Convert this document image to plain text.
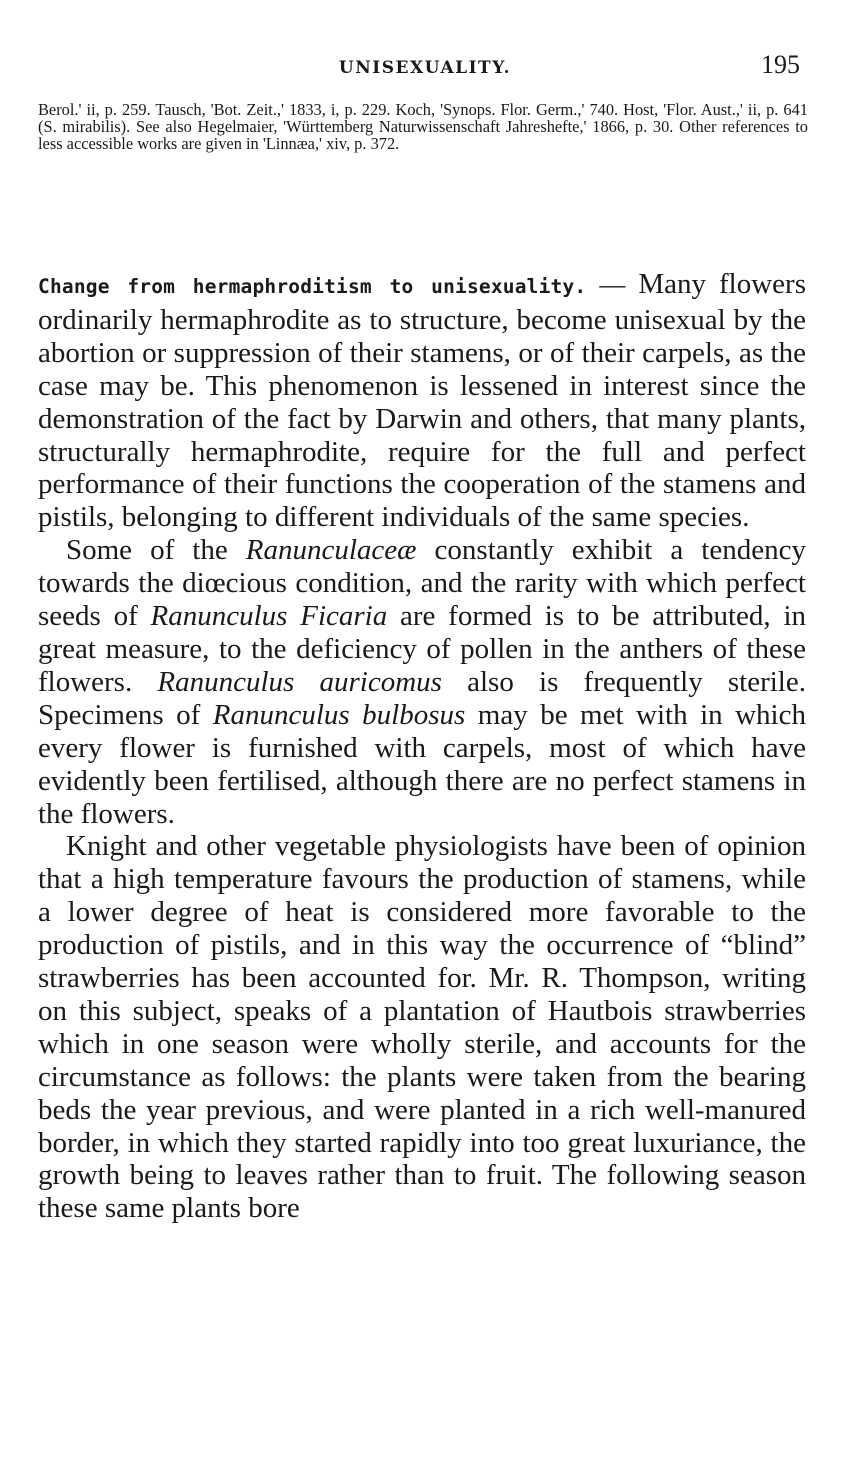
UNISEXUALITY.	195
Berol.' ii, p. 259. Tausch, 'Bot. Zeit.,' 1833, i, p. 229. Koch, 'Synops. Flor. Germ.,' 740. Host, 'Flor. Aust.,' ii, p. 641 (S. mirabilis). See also Hegelmaier, 'Württemberg Naturwissenschaft Jahreshefte,' 1866, p. 30. Other references to less accessible works are given in 'Linnæa,' xiv, p. 372.

Change from hermaphroditism to unisexuality. — Many flowers ordinarily hermaphrodite as to structure, become unisexual by the abortion or suppression of their stamens, or of their carpels, as the case may be. This phenomenon is lessened in interest since the demonstration of the fact by Darwin and others, that many plants, structurally hermaphrodite, require for the full and perfect performance of their functions the cooperation of the stamens and pistils, belonging to different individuals of the same species.

Some of the Ranunculaceæ constantly exhibit a tendency towards the diœcious condition, and the rarity with which perfect seeds of Ranunculus Ficaria are formed is to be attributed, in great measure, to the deficiency of pollen in the anthers of these flowers. Ranunculus auricomus also is frequently sterile. Specimens of Ranunculus bulbosus may be met with in which every flower is furnished with carpels, most of which have evidently been fertilised, although there are no perfect stamens in the flowers.

Knight and other vegetable physiologists have been of opinion that a high temperature favours the production of stamens, while a lower degree of heat is considered more favorable to the production of pistils, and in this way the occurrence of “blind” strawberries has been accounted for. Mr. R. Thompson, writing on this subject, speaks of a plantation of Hautbois strawberries which in one season were wholly sterile, and accounts for the circumstance as follows: the plants were taken from the bearing beds the year previous, and were planted in a rich well-manured border, in which they started rapidly into too great luxuriance, the growth being to leaves rather than to fruit. The following season these same plants bore
